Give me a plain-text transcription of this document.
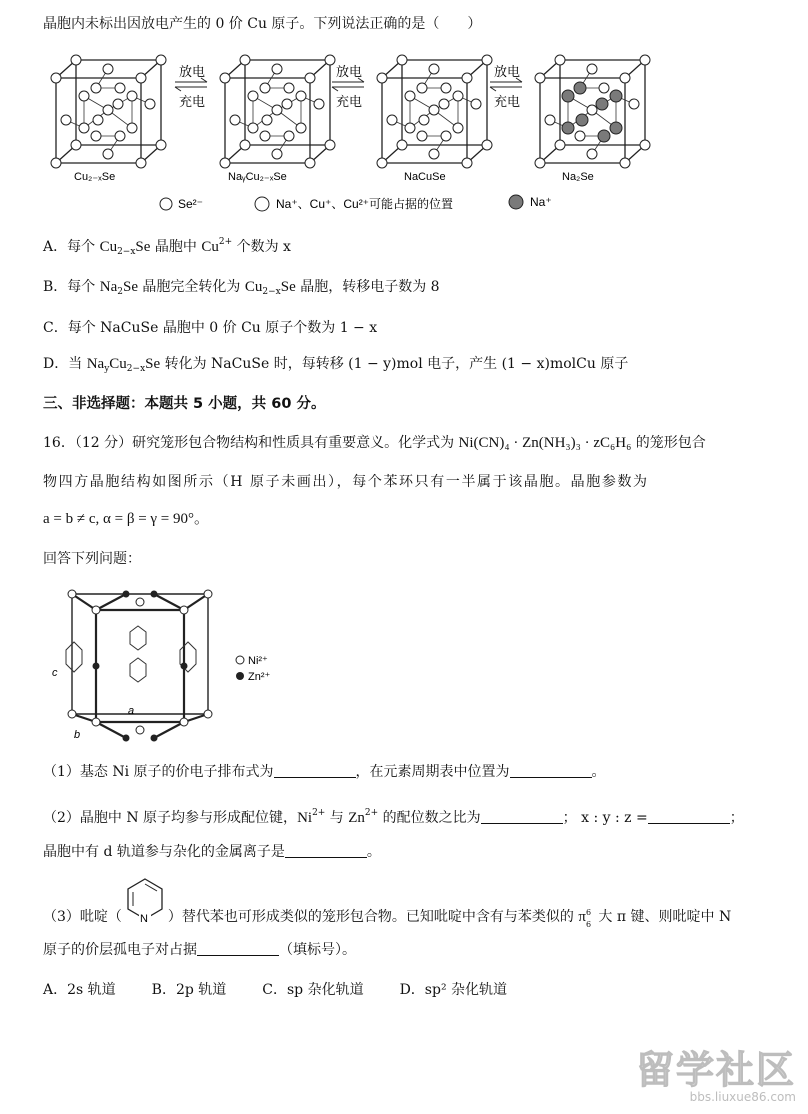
晶胞内未标出因放电产生的 0 价 Cu 原子。下列说法正确的是（　　）
放电
充电
放电
充电
放电
充电
Cu₂₋ₓSe	NaᵧCu₂₋ₓSe	NaCuSe	Na₂Se
Se²⁻	Na⁺、Cu⁺、Cu²⁺可能占据的位置	Na⁺
A．每个 $Cu_{2-x}Se$ 晶胞中 $Cu^{2+}$ 个数为 x
B．每个 $Na_2Se$ 晶胞完全转化为 $Cu_{2-x}Se$ 晶胞，转移电子数为 8
C．每个 NaCuSe 晶胞中 0 价 Cu 原子个数为 1 − x
D．当 $Na_yCu_{2-x}Se$ 转化为 NaCuSe 时，每转移 (1 − y)mol 电子，产生 (1 − x)molCu 原子
三、非选择题：本题共 5 小题，共 60 分。
16．（12 分）研究笼形包合物结构和性质具有重要意义。化学式为 Ni(CN)₄ · Zn(NH₃)₃ · zC₆H₆ 的笼形包合
物四方晶胞结构如图所示（H 原子未画出），每个苯环只有一半属于该晶胞。晶胞参数为
a = b ≠ c, α = β = γ = 90°。
回答下列问题：
c
a
b
Ni²⁺
Zn²⁺
（1）基态 Ni 原子的价电子排布式为	，在元素周期表中位置为	。
（2）晶胞中 N 原子均参与形成配位键，$Ni^{2+}$ 与 $Zn^{2+}$ 的配位数之比为	； x : y : z =	；
晶胞中有 d 轨道参与杂化的金属离子是	。
（3）吡啶（ N ）替代苯也可形成类似的笼形包合物。已知吡啶中含有与苯类似的 π 6
6 大 π 键、则吡啶中 N
原子的价层孤电子对占据	（填标号）。
A．2s 轨道	B．2p 轨道	C．sp 杂化轨道	D．sp² 杂化轨道
留学社区
bbs.liuxue86.com
